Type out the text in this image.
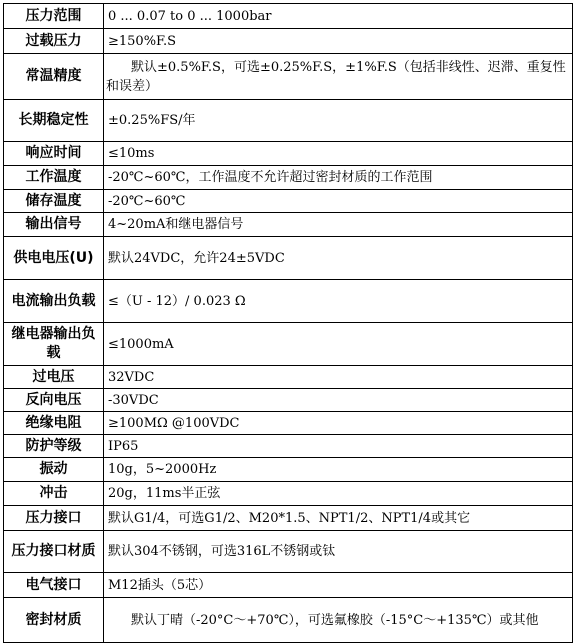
压力范围	0 ... 0.07 to 0 ... 1000bar
过载压力	≥150%F.S
常温精度	默认±0.5%F.S，可选±0.25%F.S，±1%F.S（包括非线性、迟滞、重复性和误差）
长期稳定性	±0.25%FS/年
响应时间	≤10ms
工作温度	-20℃~60℃，工作温度不允许超过密封材质的工作范围
储存温度	-20℃~60℃
输出信号	4~20mA和继电器信号
供电电压(U)	默认24VDC，允许24±5VDC
电流输出负载	≤（U - 12）/ 0.023 Ω
继电器输出负载	≤1000mA
过电压	32VDC
反向电压	-30VDC
绝缘电阻	≥100MΩ @100VDC
防护等级	IP65
振动	10g，5~2000Hz
冲击	20g，11ms半正弦
压力接口	默认G1/4，可选G1/2、M20*1.5、NPT1/2、NPT1/4或其它
压力接口材质	默认304不锈钢，可选316L不锈钢或钛
电气接口	M12插头（5芯）
密封材质	默认丁晴（-20°C～+70℃），可选氟橡胶（-15°C～+135℃）或其他
